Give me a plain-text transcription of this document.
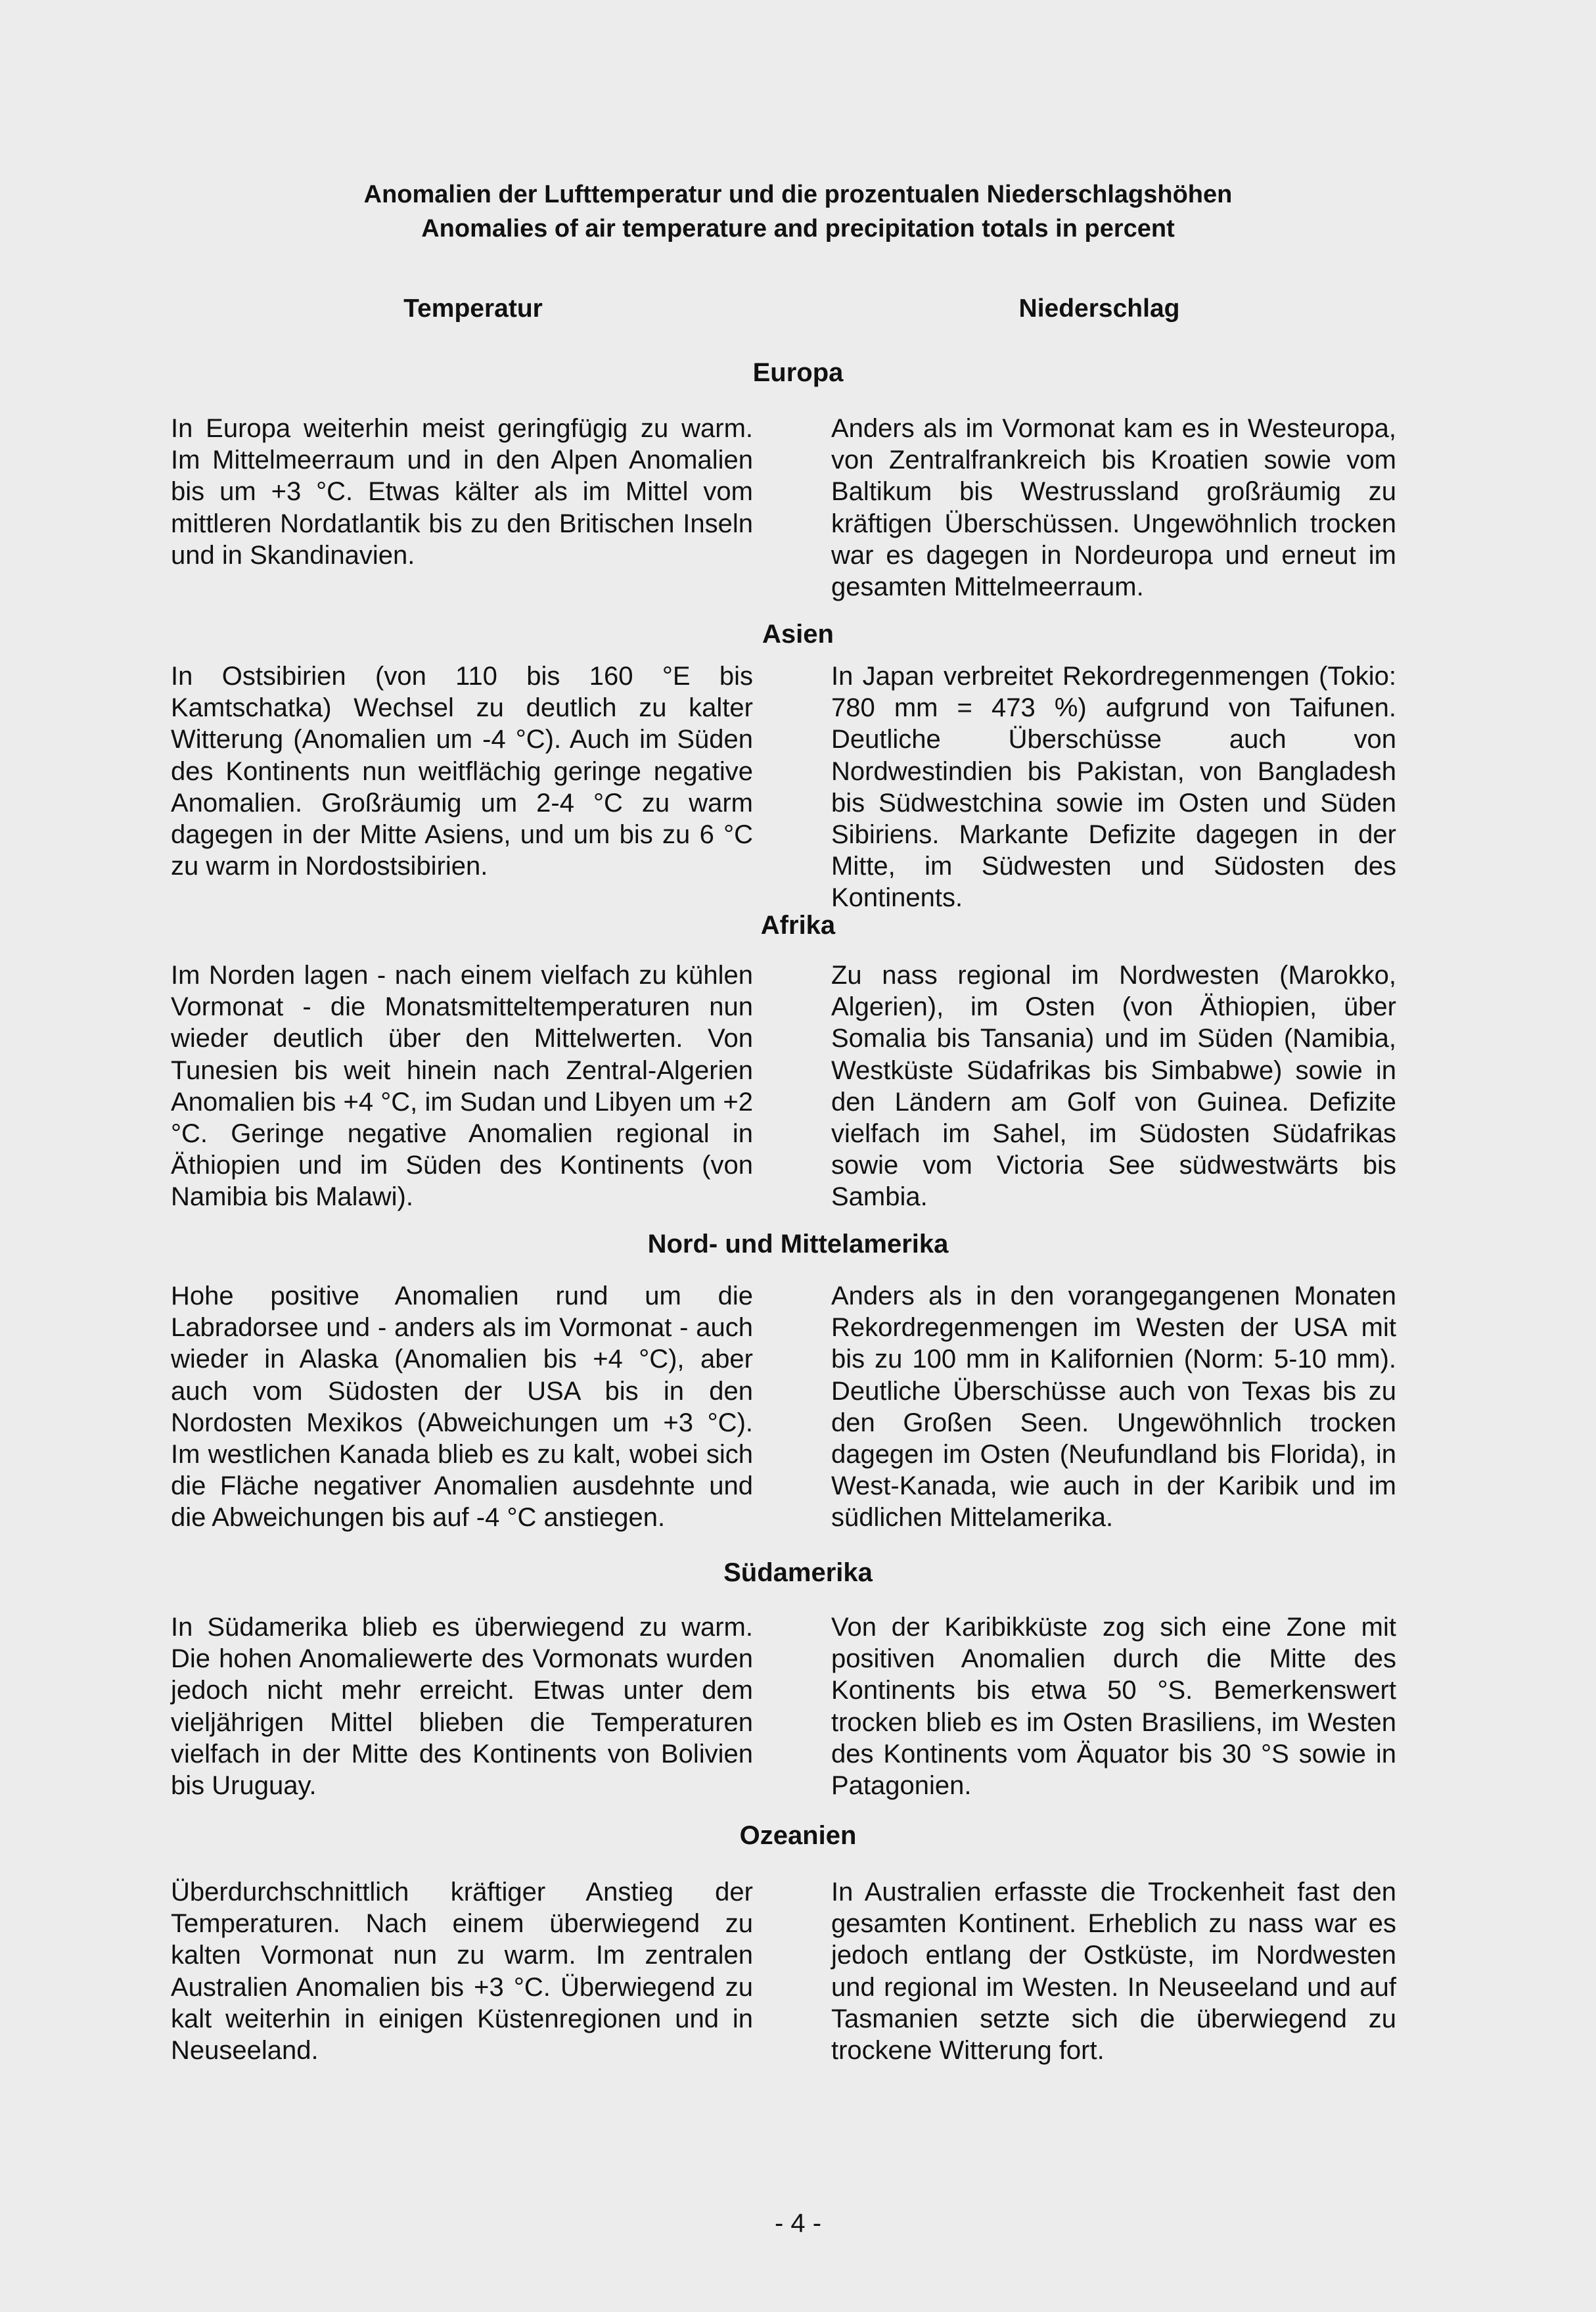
Anomalien der Lufttemperatur und die prozentualen Niederschlagshöhen
Anomalies of air temperature and precipitation totals in percent
Temperatur	Niederschlag
Europa

In Europa weiterhin meist geringfügig zu warm. Im Mittelmeerraum und in den Alpen Anomalien bis um +3 °C. Etwas kälter als im Mittel vom mittleren Nordatlantik bis zu den Britischen Inseln und in Skandinavien.

Anders als im Vormonat kam es in Westeuropa, von Zentralfrankreich bis Kroatien sowie vom Baltikum bis Westrussland großräumig zu kräftigen Überschüssen. Ungewöhnlich trocken war es dagegen in Nordeuropa und erneut im gesamten Mittelmeerraum.

Asien

In Ostsibirien (von 110 bis 160 °E bis Kamtschatka) Wechsel zu deutlich zu kalter Witterung (Anomalien um -4 °C). Auch im Süden des Kontinents nun weitflächig geringe negative Anomalien. Großräumig um 2-4 °C zu warm dagegen in der Mitte Asiens, und um bis zu 6 °C zu warm in Nordostsibirien.

In Japan verbreitet Rekordregenmengen (Tokio: 780 mm = 473 %) aufgrund von Taifunen. Deutliche Überschüsse auch von Nordwestindien bis Pakistan, von Bangladesh bis Südwestchina sowie im Osten und Süden Sibiriens. Markante Defizite dagegen in der Mitte, im Südwesten und Südosten des Kontinents.

Afrika

Im Norden lagen - nach einem vielfach zu kühlen Vormonat - die Monatsmitteltemperaturen nun wieder deutlich über den Mittelwerten. Von Tunesien bis weit hinein nach Zentral-Algerien Anomalien bis +4 °C, im Sudan und Libyen um +2 °C. Geringe negative Anomalien regional in Äthiopien und im Süden des Kontinents (von Namibia bis Malawi).

Zu nass regional im Nordwesten (Marokko, Algerien), im Osten (von Äthiopien, über Somalia bis Tansania) und im Süden (Namibia, Westküste Südafrikas bis Simbabwe) sowie in den Ländern am Golf von Guinea. Defizite vielfach im Sahel, im Südosten Südafrikas sowie vom Victoria See südwestwärts bis Sambia.

Nord- und Mittelamerika

Hohe positive Anomalien rund um die Labradorsee und - anders als im Vormonat - auch wieder in Alaska (Anomalien bis +4 °C), aber auch vom Südosten der USA bis in den Nordosten Mexikos (Abweichungen um +3 °C). Im westlichen Kanada blieb es zu kalt, wobei sich die Fläche negativer Anomalien ausdehnte und die Abweichungen bis auf -4 °C anstiegen.

Anders als in den vorangegangenen Monaten Rekordregenmengen im Westen der USA mit bis zu 100 mm in Kalifornien (Norm: 5-10 mm). Deutliche Überschüsse auch von Texas bis zu den Großen Seen. Ungewöhnlich trocken dagegen im Osten (Neufundland bis Florida), in West-Kanada, wie auch in der Karibik und im südlichen Mittelamerika.

Südamerika

In Südamerika blieb es überwiegend zu warm. Die hohen Anomaliewerte des Vormonats wurden jedoch nicht mehr erreicht. Etwas unter dem vieljährigen Mittel blieben die Temperaturen vielfach in der Mitte des Kontinents von Bolivien bis Uruguay.

Von der Karibikküste zog sich eine Zone mit positiven Anomalien durch die Mitte des Kontinents bis etwa 50 °S. Bemerkenswert trocken blieb es im Osten Brasiliens, im Westen des Kontinents vom Äquator bis 30 °S sowie in Patagonien.

Ozeanien

Überdurchschnittlich kräftiger Anstieg der Temperaturen. Nach einem überwiegend zu kalten Vormonat nun zu warm. Im zentralen Australien Anomalien bis +3 °C. Überwiegend zu kalt weiterhin in einigen Küstenregionen und in Neuseeland.

In Australien erfasste die Trockenheit fast den gesamten Kontinent. Erheblich zu nass war es jedoch entlang der Ostküste, im Nordwesten und regional im Westen. In Neuseeland und auf Tasmanien setzte sich die überwiegend zu trockene Witterung fort.

- 4 -
